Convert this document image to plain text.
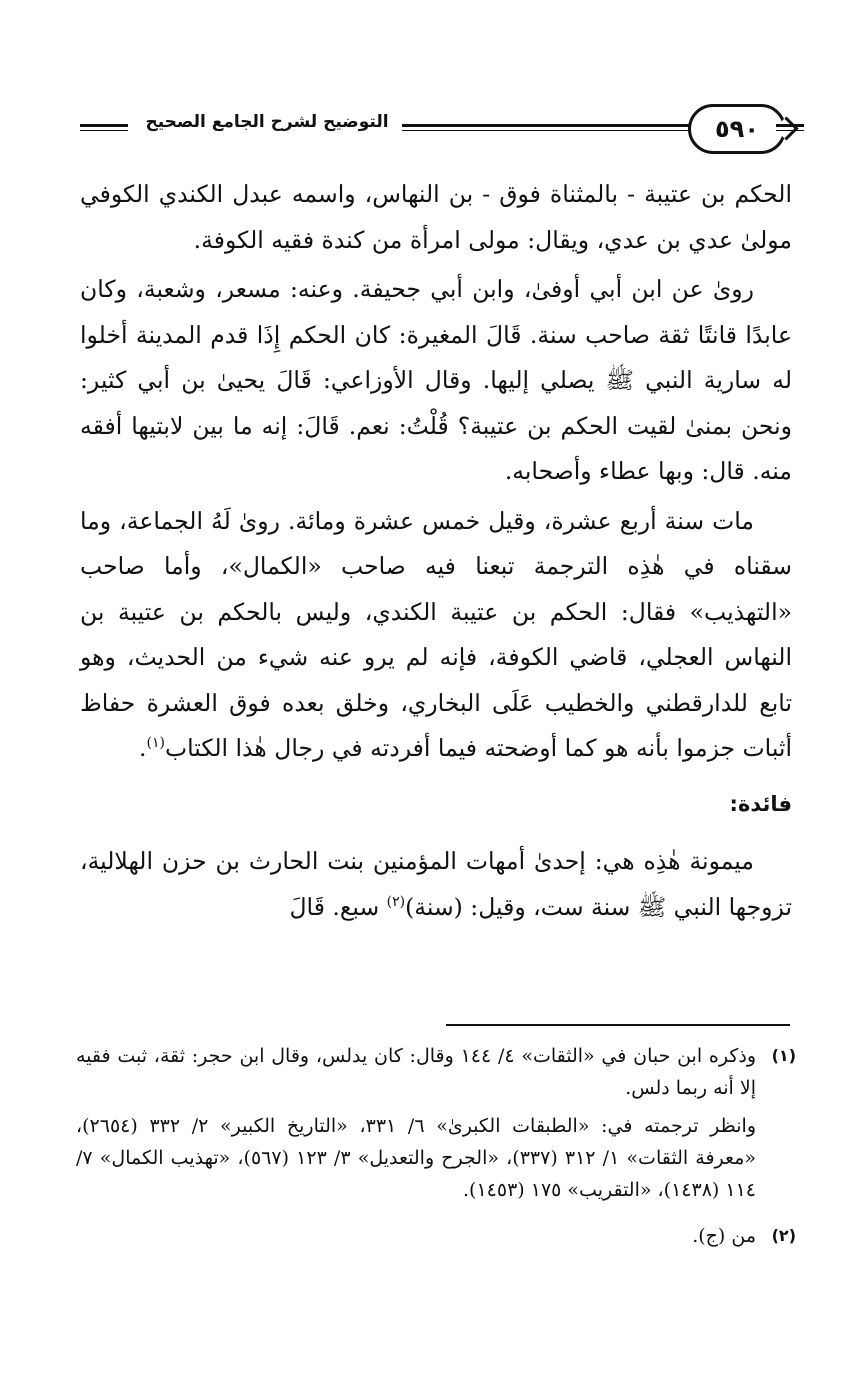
التوضيح لشرح الجامع الصحيح	٥٩٠

الحكم بن عتيبة - بالمثناة فوق - بن النهاس، واسمه عبدل الكندي الكوفي مولىٰ عدي بن عدي، ويقال: مولى امرأة من كندة فقيه الكوفة.

رویٰ عن ابن أبي أوفیٰ، وابن أبي جحيفة. وعنه: مسعر، وشعبة، وكان عابدًا قانتًا ثقة صاحب سنة. قَالَ المغيرة: كان الحكم إِذَا قدم المدينة أخلوا له سارية النبي ﷺ يصلي إليها. وقال الأوزاعي: قَالَ يحيىٰ بن أبي كثير: ونحن بمنىٰ لقيت الحكم بن عتيبة؟ قُلْتُ: نعم. قَالَ: إنه ما بين لابتيها أفقه منه. قال: وبها عطاء وأصحابه.

مات سنة أربع عشرة، وقيل خمس عشرة ومائة. رویٰ لَهُ الجماعة، وما سقناه في هٰذِه الترجمة تبعنا فيه صاحب «الكمال»، وأما صاحب «التهذيب» فقال: الحكم بن عتيبة الكندي، وليس بالحكم بن عتيبة بن النهاس العجلي، قاضي الكوفة، فإنه لم يرو عنه شيء من الحديث، وهو تابع للدارقطني والخطيب عَلَى البخاري، وخلق بعده فوق العشرة حفاظ أثبات جزموا بأنه هو كما أوضحته فيما أفردته في رجال هٰذا الكتاب$^{(١)}$.

فائدة:

ميمونة هٰذِه هي: إحدىٰ أمهات المؤمنين بنت الحارث بن حزن الهلالية، تزوجها النبي ﷺ سنة ست، وقيل: (سنة)$^{(٢)}$ سبع. قَالَ

(١)

وذكره ابن حبان في «الثقات» ٤/ ١٤٤ وقال: كان يدلس، وقال ابن حجر: ثقة، ثبت فقيه إلا أنه ربما دلس.

وانظر ترجمته في: «الطبقات الكبرىٰ» ٦/ ٣٣١، «التاريخ الكبير» ٢/ ٣٣٢ (٢٦٥٤)، «معرفة الثقات» ١/ ٣١٢ (٣٣٧)، «الجرح والتعديل» ٣/ ١٢٣ (٥٦٧)، «تهذيب الكمال» ٧/ ١١٤ (١٤٣٨)، «التقريب» ١٧٥ (١٤٥٣).

(٢)

من (ج).
